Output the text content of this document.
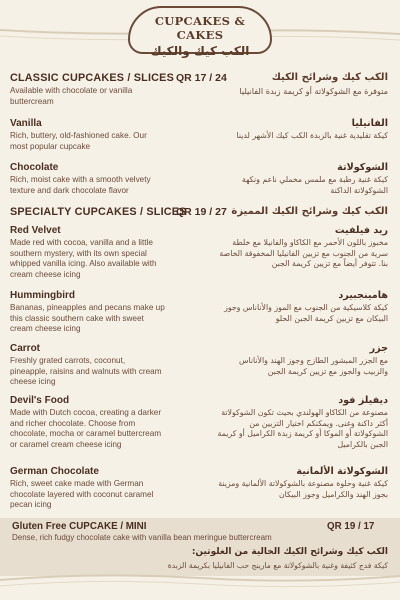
CUPCAKES & CAKES
الكب كيك والكيك
CLASSIC CUPCAKES / SLICES QR 17 / 24	الكب كيك وشرائح الكيك
Available with chocolate or vanilla buttercream
متوفرة مع الشوكولاتة أو كريمة زبدة الفانيليا
Vanilla
Rich, buttery, old-fashioned cake. Our most popular cupcake
الفانيليا
كيكة تقليدية غنية بالزبدة الكب كيك الأشهر لدينا
Chocolate
Rich, moist cake with a smooth velvety texture and dark chocolate flavor
الشوكولاتة
كيكة غنية رطبة مع ملمس مخملي ناعم ونكهة الشوكولاتة الداكنة
SPECIALTY CUPCAKES / SLICES
QR 19 / 27 الكب كيك وشرائح الكيك المميزة
Red Velvet
Made red with cocoa, vanilla and a little southern mystery, with its own special whipped vanilla icing. Also available with cream cheese icing
ريد فيلفيت
مخبوز باللون الأحمر مع الكاكاو والفانيلا مع خلطة سرية من الجنوب مع تزيين الفانيليا المخفوقة الخاصة بنا. تتوفر أيضاً مع تزيين كريمة الجبن
Hummingbird
Bananas, pineapples and pecans make up this classic southern cake with sweet cream cheese icing
هامينجبيرد
كيكة كلاسيكية من الجنوب مع الموز والأناناس وجوز البيكان مع تزيين كريمة الجبن الحلو
Carrot
Freshly grated carrots, coconut, pineapple, raisins and walnuts with cream cheese icing
جزر
مع الجزر المبشور الطازج وجوز الهند والأناناس والزبيب والجوز مع تزيين كريمة الجبن
Devil's Food
Made with Dutch cocoa, creating a darker and richer chocolate. Choose from chocolate, mocha or caramel buttercream or caramel cream cheese icing
ديفيلز فود
مصنوعة من الكاكاو الهولندي بحيث تكون الشوكولاتة أكثر داكنة وغنى. ويمكنكم اختيار التزيين من الشوكولاتة أو الموكا أو كريمة زبدة الكراميل أو كريمة الجبن بالكراميل
German Chocolate
Rich, sweet cake made with German chocolate layered with coconut caramel pecan icing
الشوكولاتة الألمانية
كيكة غنية وحلوة مصنوعة بالشوكولاتة الألمانية ومزينة بجوز الهند والكراميل وجوز البيكان
Gluten Free CUPCAKE / MINI	QR 19 / 17
Dense, rich fudgy chocolate cake with vanilla bean meringue buttercream
الكب كيك وشرائح الكيك الخالية من الغلوتين:
كيكة فدج كثيفة وغنية بالشوكولاتة مع مارينج حب الفانيليا بكريمة الزبدة
